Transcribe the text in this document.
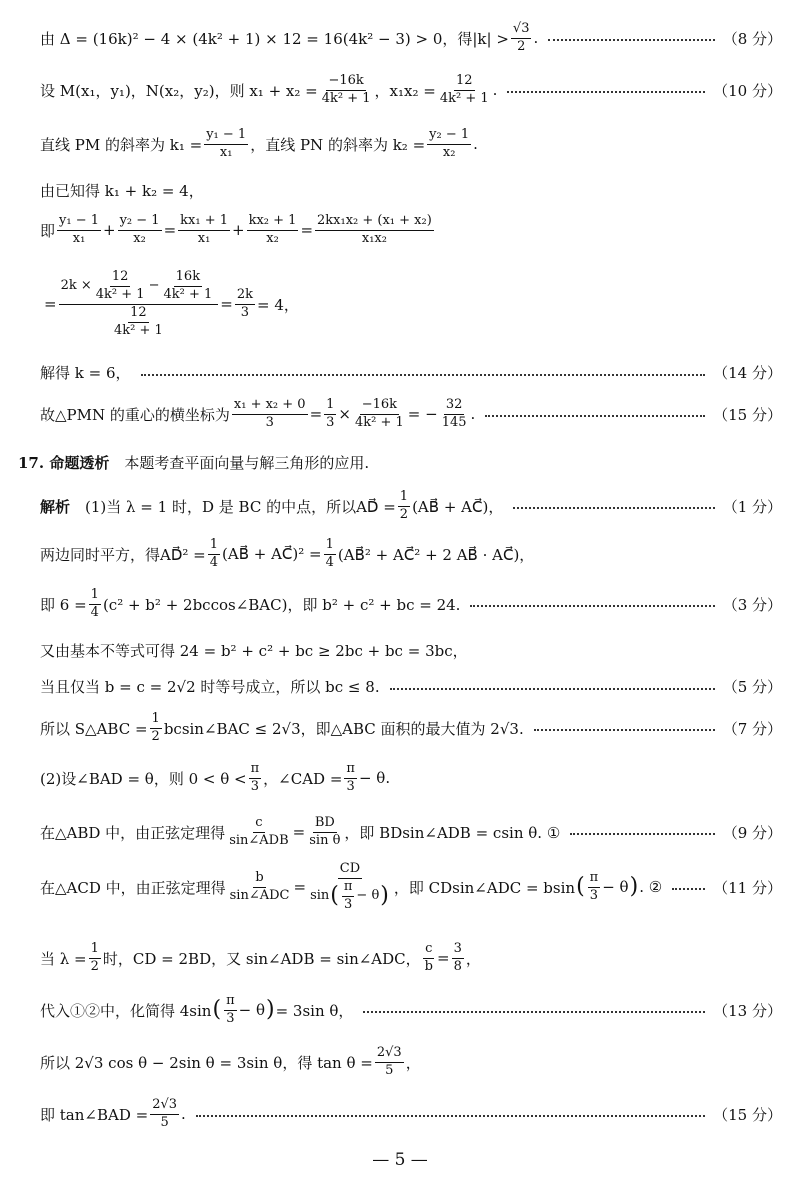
由 Δ = (16k)² − 4 × (4k² + 1) × 12 = 16(4k² − 3) > 0，得$|k| > \frac{√3}{2}$ .	（8 分）
设 M(x₁，y₁)，N(x₂，y₂)，则 $x_1 + x_2 = \frac{-16k}{\text{4k² + 1}}$ ，$x_1x_2 = \frac{12}{\text{4k² + 1}}$ .	（10 分）
直线 PM 的斜率为 $k_1 = \frac{\text{y₁ − 1}}{\text{x₁}}$ ，直线 PN 的斜率为 $k_2 = \frac{\text{y₂ − 1}}{\text{x₂}}$ .
由已知得 k₁ + k₂ = 4，
即 $\frac{\text{y₁ − 1}}{\text{x₁}} + \frac{\text{y₂ − 1}}{\text{x₂}} = \frac{\text{kx₁ + 1}}{\text{x₁}} + \frac{\text{kx₂ + 1}}{\text{x₂}} = \frac{\text{2kx₁x₂ + (x₁ + x₂)}}{\text{x₁x₂}}$
= $\frac{2k \times \frac{12}{\text{4k² + 1}} - \frac{16k}{\text{4k² + 1}}}{\frac{12}{\text{4k² + 1}}} = \frac{2k}{3} = 4$，
解得 k = 6，	（14 分）
故△PMN 的重心的横坐标为 $\frac{\text{x₁ + x₂ + 0}}{3} = \frac{1}{3} \times \frac{-16k}{\text{4k² + 1}}$ = − $\frac{32}{145}$ .	（15 分）
17. 命题透析 　本题考查平面向量与解三角形的应用.
解析 　(1)当 λ = 1 时，D 是 BC 的中点，所以AD⃗ = $\frac{1}{2}$ (AB⃗ + AC⃗)，	（1 分）
两边同时平方，得AD⃗² = $\frac{1}{4}$ (AB⃗ + AC⃗)² = $\frac{1}{4}$ (AB⃗² + AC⃗² + 2 AB⃗ · AC⃗)，
即 $6 = \frac{1}{4} (c^2 + b^2$ + 2bccos∠BAC)，即 b² + c² + bc = 24.	（3 分）
又由基本不等式可得 24 = b² + c² + bc ≥ 2bc + bc = 3bc，
当且仅当 b = c = 2√2 时等号成立，所以 bc ≤ 8.	（5 分）
所以 S△ABC = $\frac{1}{2}$ bcsin∠BAC ≤ 2√3，即△ABC 面积的最大值为 2√3.	（7 分）
(2)设∠BAD = θ，则 $0 < \theta < \frac{\pi}{3}$ ，∠CAD = $\frac{\pi}{3} - \theta$.
在△ABD 中，由正弦定理得 $\frac{c}{\text{sin∠ADB}} = \frac{BD}{\text{sin θ}}$ ，即 BDsin∠ADB = csin θ. ①	（9 分）
在△ACD 中，由正弦定理得 $\frac{b}{\text{sin∠ADC}} = \frac{CD}{\sin ( \frac{\pi}{3} - \theta )}$ ，即 CDsin∠ADC = bsin ( $\frac{\pi}{3} - \theta$ ) . ②	（11 分）
当 $\lambda = \frac{1}{2}$ 时，CD = 2BD，又 sin∠ADB = sin∠ADC， $\frac{c}{b} = \frac{3}{8}$ ，
代入①②中，化简得 4sin ( $\frac{\pi}{3} - \theta$ ) = 3sin θ，	（13 分）
所以 2√3 cos θ − 2sin θ = 3sin θ，得 $\tan \theta = \frac{2√3}{5}$ ，
即 tan∠BAD = $\frac{2√3}{5}$ .	（15 分）
— 5 —
